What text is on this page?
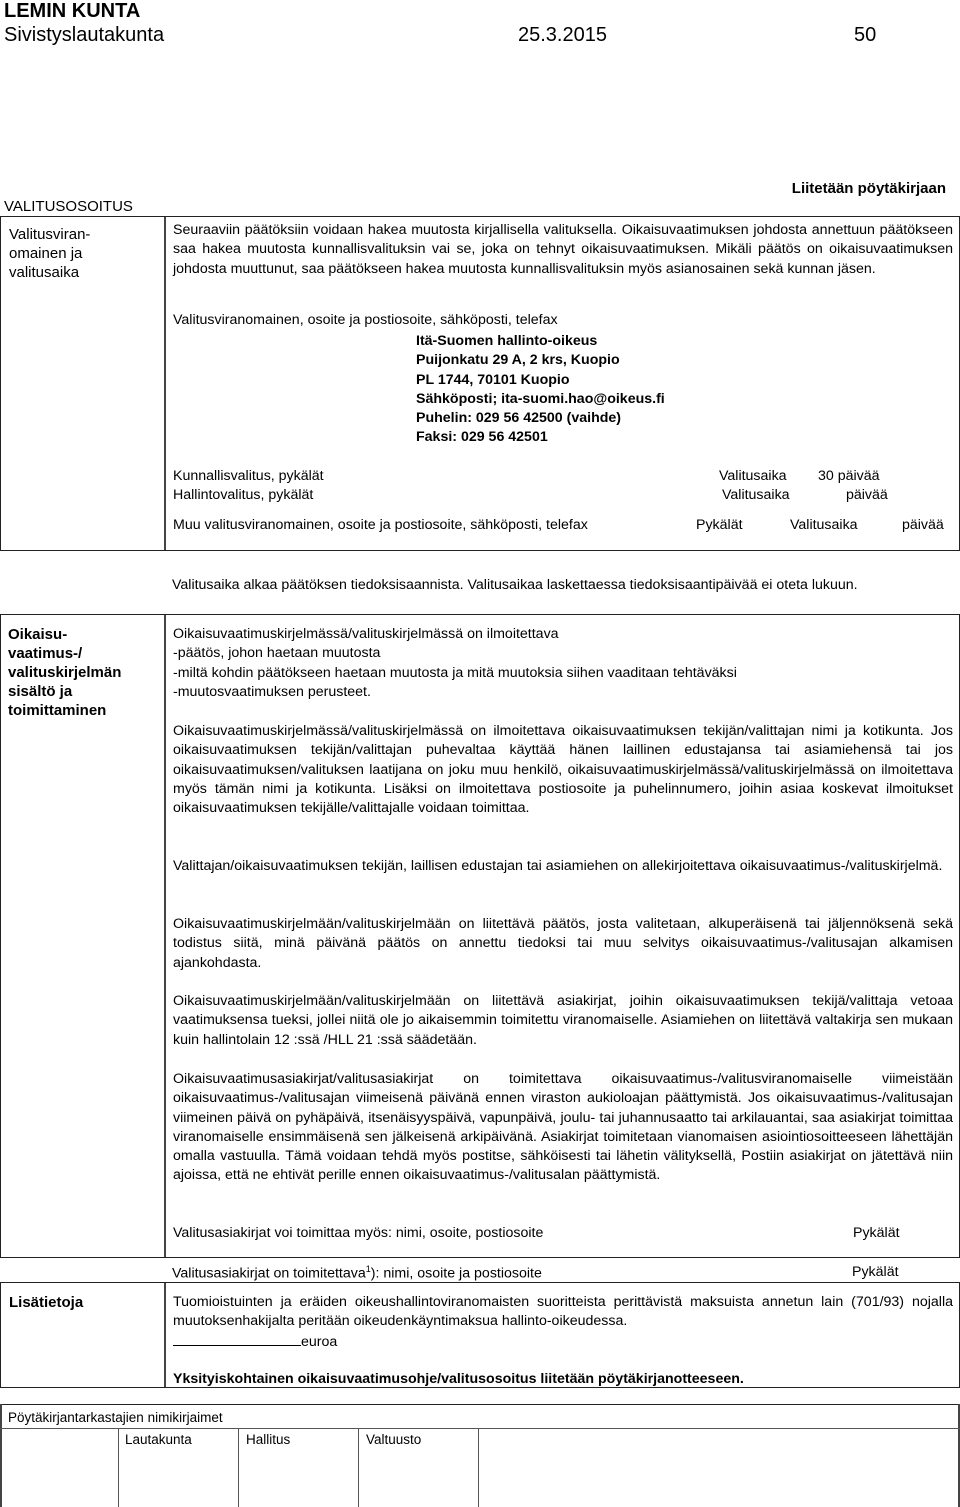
LEMIN KUNTA
Sivistyslautakunta	25.3.2015	50
Liitetään pöytäkirjaan
VALITUSOSOITUS
Valitusviran-
omainen ja
valitusaika
Seuraaviin päätöksiin voidaan hakea muutosta kirjallisella valituksella. Oikaisuvaatimuksen johdosta annettuun päätökseen saa hakea muutosta kunnallisvalituksin vai se, joka on tehnyt oikaisuvaatimuksen. Mikäli päätös on oikaisuvaatimuksen johdosta muuttunut, saa päätökseen hakea muutosta kunnallisvalituksin myös asianosainen sekä kunnan jäsen.
Valitusviranomainen, osoite ja postiosoite, sähköposti, telefax
Itä-Suomen hallinto-oikeus
Puijonkatu 29 A, 2 krs, Kuopio
PL 1744, 70101 Kuopio
Sähköposti; ita-suomi.hao@oikeus.fi
Puhelin: 029 56 42500 (vaihde)
Faksi: 029 56 42501
Kunnallisvalitus, pykälät	Valitusaika 30 päivää
Hallintovalitus, pykälät	Valitusaika	päivää
Muu valitusviranomainen, osoite ja postiosoite, sähköposti, telefax	Pykälät	Valitusaika	päivää
Valitusaika alkaa päätöksen tiedoksisaannista. Valitusaikaa laskettaessa tiedoksisaantipäivää ei oteta lukuun.
Oikaisu-
vaatimus-/
valituskirjelmän
sisältö ja
toimittaminen
Oikaisuvaatimuskirjelmässä/valituskirjelmässä on ilmoitettava
-päätös, johon haetaan muutosta
-miltä kohdin päätökseen haetaan muutosta ja mitä muutoksia siihen vaaditaan tehtäväksi
-muutosvaatimuksen perusteet.
Oikaisuvaatimuskirjelmässä/valituskirjelmässä on ilmoitettava oikaisuvaatimuksen tekijän/valittajan nimi ja kotikunta. Jos oikaisuvaatimuksen tekijän/valittajan puhevaltaa käyttää hänen laillinen edustajansa tai asiamiehensä tai jos oikaisuvaatimuksen/valituksen laatijana on joku muu henkilö, oikaisuvaatimuskirjelmässä/valituskirjelmässä on ilmoitettava myös tämän nimi ja kotikunta. Lisäksi on ilmoitettava postiosoite ja puhelinnumero, joihin asiaa koskevat ilmoitukset oikaisuvaatimuksen tekijälle/valittajalle voidaan toimittaa.
Valittajan/oikaisuvaatimuksen tekijän, laillisen edustajan tai asiamiehen on allekirjoitettava oikaisuvaatimus-/valituskirjelmä.
Oikaisuvaatimuskirjelmään/valituskirjelmään on liitettävä päätös, josta valitetaan, alkuperäisenä tai jäljennöksenä sekä todistus siitä, minä päivänä päätös on annettu tiedoksi tai muu selvitys oikaisuvaatimus-/valitusajan alkamisen ajankohdasta.
Oikaisuvaatimuskirjelmään/valituskirjelmään on liitettävä asiakirjat, joihin oikaisuvaatimuksen tekijä/valittaja vetoaa vaatimuksensa tueksi, jollei niitä ole jo aikaisemmin toimitettu viranomaiselle. Asiamiehen on liitettävä valtakirja sen mukaan kuin hallintolain 12 :ssä /HLL 21 :ssä säädetään.
Oikaisuvaatimusasiakirjat/valitusasiakirjat on toimitettava oikaisuvaatimus-/valitusviranomaiselle viimeistään oikaisuvaatimus-/valitusajan viimeisenä päivänä ennen viraston aukioloajan päättymistä. Jos oikaisuvaatimus-/valitusajan viimeinen päivä on pyhäpäivä, itsenäisyyspäivä, vapunpäivä, joulu- tai juhannusaatto tai arkilauantai, saa asiakirjat toimittaa viranomaiselle ensimmäisenä sen jälkeisenä arkipäivänä. Asiakirjat toimitetaan vianomaisen asiointiosoitteeseen lähettäjän omalla vastuulla. Tämä voidaan tehdä myös postitse, sähköisesti tai lähetin välityksellä, Postiin asiakirjat on jätettävä niin ajoissa, että ne ehtivät perille ennen oikaisuvaatimus-/valitusalan päättymistä.
Valitusasiakirjat voi toimittaa myös: nimi, osoite, postiosoite	Pykälät
Valitusasiakirjat on toimitettava$^1$): nimi, osoite ja postiosoite	Pykälät
Lisätietoja	Tuomioistuinten ja eräiden oikeushallintoviranomaisten suoritteista perittävistä maksuista annetun lain (701/93) nojalla muutoksenhakijalta peritään oikeudenkäyntimaksua hallinto-oikeudessa.
euroa
Yksityiskohtainen oikaisuvaatimusohje/valitusosoitus liitetään pöytäkirjanotteeseen.
Pöytäkirjantarkastajien nimikirjaimet
Lautakunta	Hallitus	Valtuusto
